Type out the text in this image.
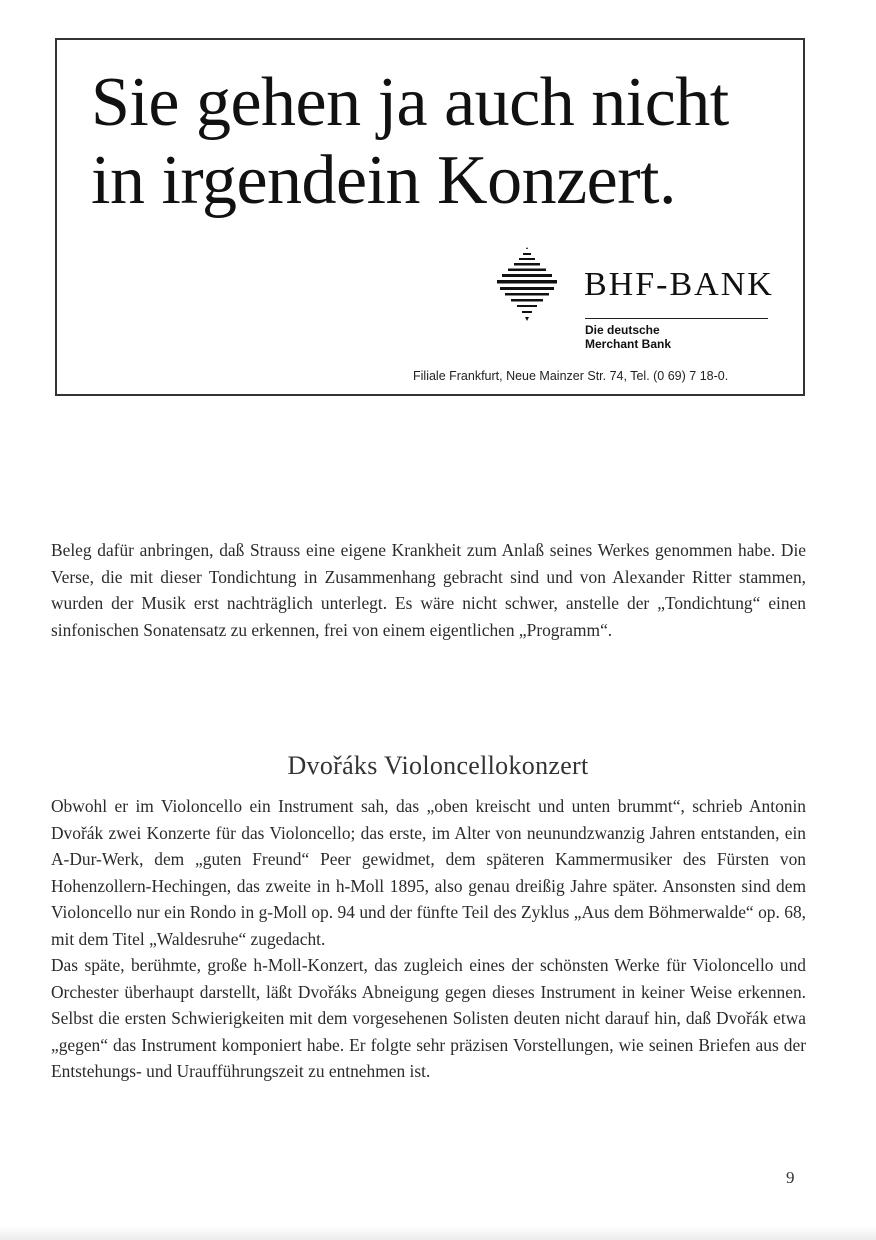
Sie gehen ja auch nicht
in irgendein Konzert.
BHF-BANK
Die deutsche
Merchant Bank
Filiale Frankfurt, Neue Mainzer Str. 74, Tel. (0 69) 7 18-0.

Beleg dafür anbringen, daß Strauss eine eigene Krankheit zum Anlaß seines Werkes genommen habe. Die Verse, die mit dieser Tondichtung in Zusammenhang gebracht sind und von Alexander Ritter stammen, wurden der Musik erst nachträglich unterlegt. Es wäre nicht schwer, anstelle der „Tondichtung“ einen sinfonischen Sonatensatz zu erkennen, frei von einem eigentlichen „Programm“.

Dvořáks Violoncellokonzert

Obwohl er im Violoncello ein Instrument sah, das „oben kreischt und unten brummt“, schrieb Antonin Dvořák zwei Konzerte für das Violoncello; das erste, im Alter von neunundzwanzig Jahren entstanden, ein A-Dur-Werk, dem „guten Freund“ Peer gewidmet, dem späteren Kammermusiker des Fürsten von Hohenzollern-Hechingen, das zweite in h-Moll 1895, also genau dreißig Jahre später. Ansonsten sind dem Violoncello nur ein Rondo in g-Moll op. 94 und der fünfte Teil des Zyklus „Aus dem Böhmerwalde“ op. 68, mit dem Titel „Waldesruhe“ zugedacht.

Das späte, berühmte, große h-Moll-Konzert, das zugleich eines der schönsten Werke für Violoncello und Orchester überhaupt darstellt, läßt Dvořáks Abneigung gegen dieses Instrument in keiner Weise erkennen. Selbst die ersten Schwierigkeiten mit dem vorgesehenen Solisten deuten nicht darauf hin, daß Dvořák etwa „gegen“ das Instrument komponiert habe. Er folgte sehr präzisen Vorstellungen, wie seinen Briefen aus der Entstehungs- und Uraufführungszeit zu entnehmen ist.

9
